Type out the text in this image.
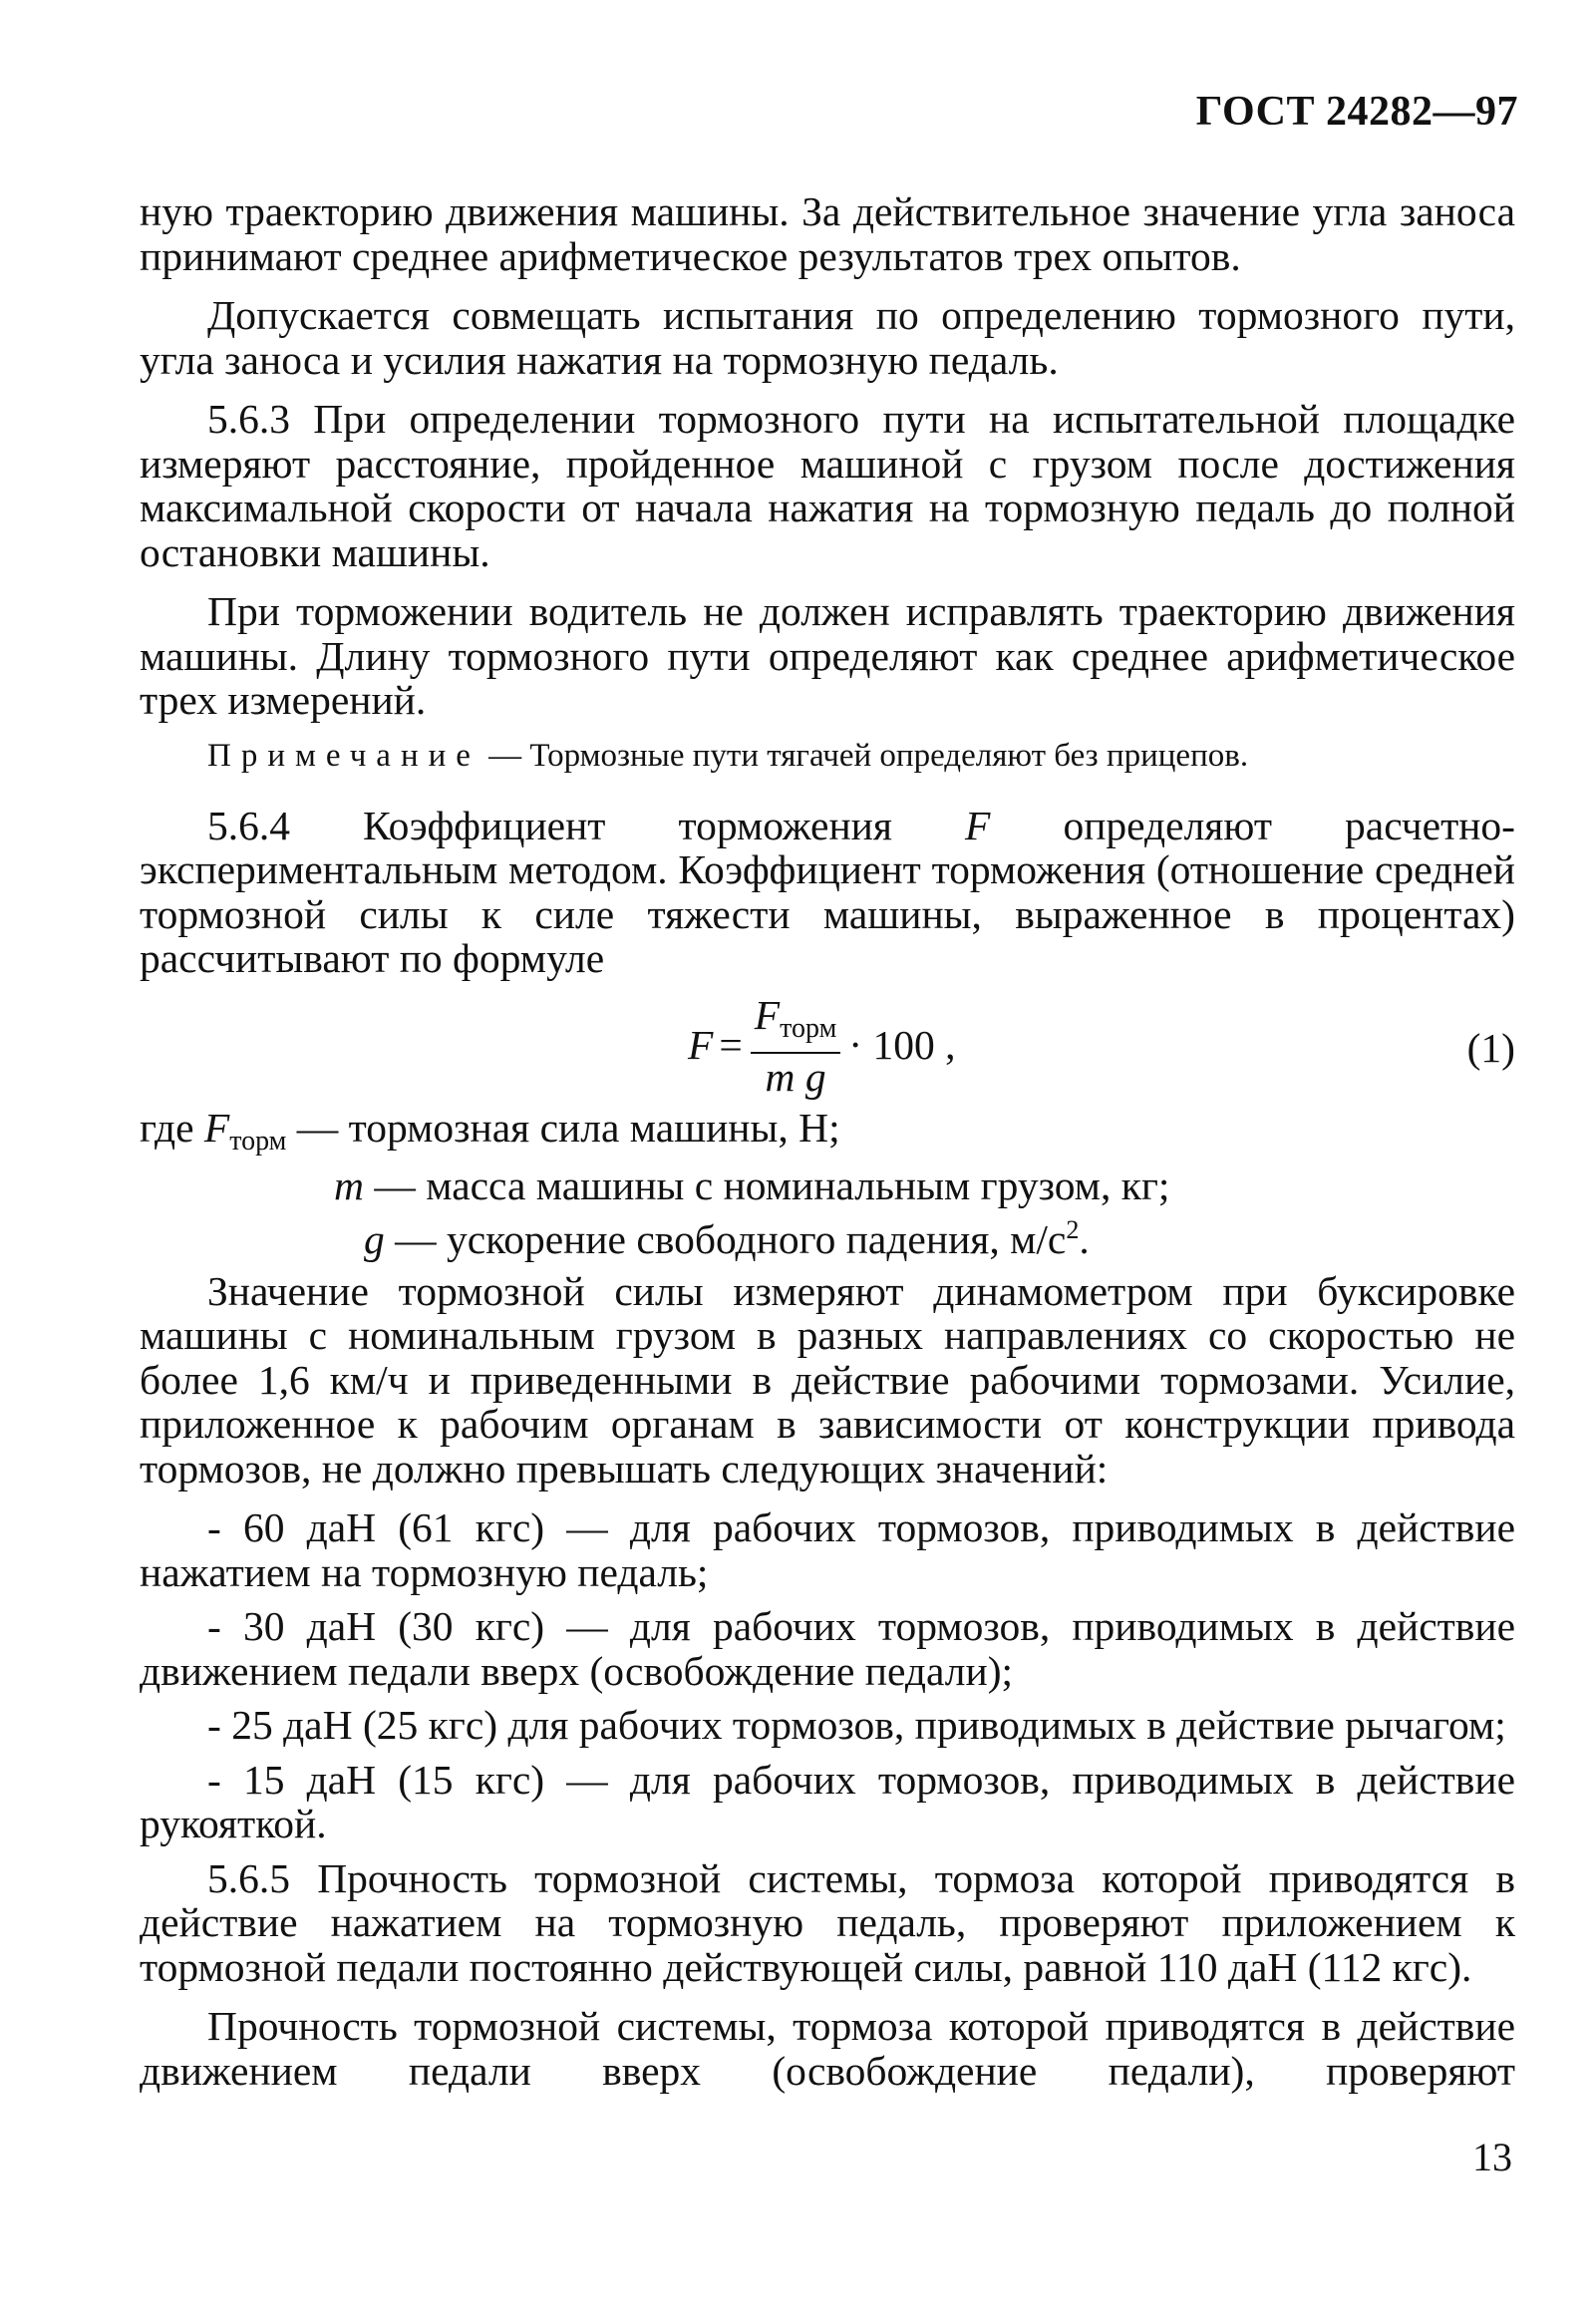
ГОСТ 24282—97

ную траекторию движения машины. За действительное значение угла заноса принимают среднее арифметическое результатов трех опытов.

Допускается совмещать испытания по определению тормозного пути, угла заноса и усилия нажатия на тормозную педаль.

5.6.3 При определении тормозного пути на испытательной площадке измеряют расстояние, пройденное машиной с грузом после достижения максимальной скорости от начала нажатия на тормозную педаль до полной остановки машины.

При торможении водитель не должен исправлять траекторию движения машины. Длину тормозного пути определяют как среднее арифметическое трех измерений.

Примечание — Тормозные пути тягачей определяют без прицепов.

5.6.4 Коэффициент торможения F определяют расчетно-экспериментальным методом. Коэффициент торможения (отношение средней тормозной силы к силе тяжести машины, выраженное в процентах) рассчитывают по формуле

$F = \frac{F_{торм}}{\text{m g}} \cdot 100$ ,	(1)
где $F_{торм}$ — тормозная сила машины, Н;
m — масса машины с номинальным грузом, кг;
g — ускорение свободного падения, $м/с^2$.

Значение тормозной силы измеряют динамометром при буксировке машины с номинальным грузом в разных направлениях со скоростью не более 1,6 км/ч и приведенными в действие рабочими тормозами. Усилие, приложенное к рабочим органам в зависимости от конструкции привода тормозов, не должно превышать следующих значений:

- 60 даН (61 кгс) — для рабочих тормозов, приводимых в действие нажатием на тормозную педаль;

- 30 даН (30 кгс) — для рабочих тормозов, приводимых в действие движением педали вверх (освобождение педали);

- 25 даН (25 кгс) для рабочих тормозов, приводимых в действие рычагом;

- 15 даН (15 кгс) — для рабочих тормозов, приводимых в действие рукояткой.

5.6.5 Прочность тормозной системы, тормоза которой приводятся в действие нажатием на тормозную педаль, проверяют приложением к тормозной педали постоянно действующей силы, равной 110 даН (112 кгс).

Прочность тормозной системы, тормоза которой приводятся в действие движением педали вверх (освобождение педали), проверяют

13
